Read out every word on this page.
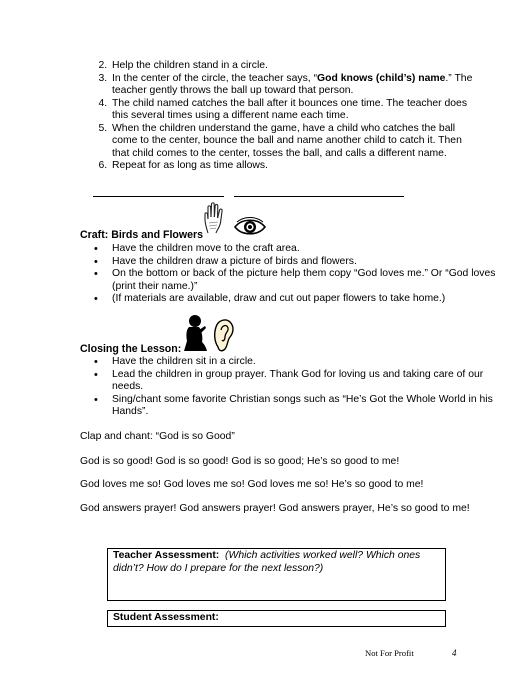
2. Help the children stand in a circle.
3. In the center of the circle, the teacher says, “God knows (child’s) name.” The teacher gently throws the ball up toward that person.
4. The child named catches the ball after it bounces one time. The teacher does this several times using a different name each time.
5. When the children understand the game, have a child who catches the ball come to the center, bounce the ball and name another child to catch it. Then that child comes to the center, tosses the ball, and calls a different name.
6. Repeat for as long as time allows.
Craft: Birds and Flowers
• Have the children move to the craft area.
• Have the children draw a picture of birds and flowers.
• On the bottom or back of the picture help them copy “God loves me.” Or “God loves (print their name.)”
• (If materials are available, draw and cut out paper flowers to take home.)
Closing the Lesson:
• Have the children sit in a circle.
• Lead the children in group prayer. Thank God for loving us and taking care of our needs.
• Sing/chant some favorite Christian songs such as “He’s Got the Whole World in his Hands”.

Clap and chant: “God is so Good”

God is so good! God is so good! God is so good; He’s so good to me!

God loves me so! God loves me so! God loves me so! He’s so good to me!

God answers prayer! God answers prayer! God answers prayer, He’s so good to me!

Teacher Assessment: (Which activities worked well? Which ones didn’t? How do I prepare for the next lesson?)
Student Assessment:
Not For Profit	4
